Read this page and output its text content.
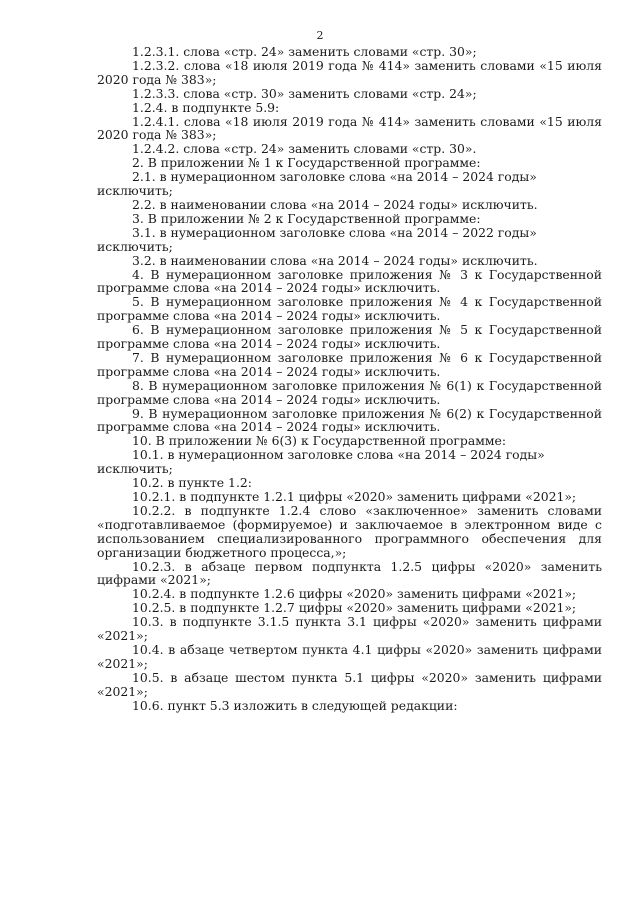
2

1.2.3.1. слова «стр. 24» заменить словами «стр. 30»;

1.2.3.2. слова «18 июля 2019 года № 414» заменить словами «15 июля 2020 года № 383»;

1.2.3.3. слова «стр. 30» заменить словами «стр. 24»;

1.2.4. в подпункте 5.9:

1.2.4.1. слова «18 июля 2019 года № 414» заменить словами «15 июля 2020 года № 383»;

1.2.4.2. слова «стр. 24» заменить словами «стр. 30».

2. В приложении № 1 к Государственной программе:

2.1. в нумерационном заголовке слова «на 2014 – 2024 годы» исключить;

2.2. в наименовании слова «на 2014 – 2024 годы» исключить.

3. В приложении № 2 к Государственной программе:

3.1. в нумерационном заголовке слова «на 2014 – 2022 годы» исключить;

3.2. в наименовании слова «на 2014 – 2024 годы» исключить.

4. В нумерационном заголовке приложения № 3 к Государственной программе слова «на 2014 – 2024 годы» исключить.

5. В нумерационном заголовке приложения № 4 к Государственной программе слова «на 2014 – 2024 годы» исключить.

6. В нумерационном заголовке приложения № 5 к Государственной программе слова «на 2014 – 2024 годы» исключить.

7. В нумерационном заголовке приложения № 6 к Государственной программе слова «на 2014 – 2024 годы» исключить.

8. В нумерационном заголовке приложения № 6(1) к Государственной программе слова «на 2014 – 2024 годы» исключить.

9. В нумерационном заголовке приложения № 6(2) к Государственной программе слова «на 2014 – 2024 годы» исключить.

10. В приложении № 6(3) к Государственной программе:

10.1. в нумерационном заголовке слова «на 2014 – 2024 годы» исключить;

10.2. в пункте 1.2:

10.2.1. в подпункте 1.2.1 цифры «2020» заменить цифрами «2021»;

10.2.2. в подпункте 1.2.4 слово «заключенное» заменить словами «подготавливаемое (формируемое) и заключаемое в электронном виде с использованием специализированного программного обеспечения для организации бюджетного процесса,»;

10.2.3. в абзаце первом подпункта 1.2.5 цифры «2020» заменить цифрами «2021»;

10.2.4. в подпункте 1.2.6 цифры «2020» заменить цифрами «2021»;

10.2.5. в подпункте 1.2.7 цифры «2020» заменить цифрами «2021»;

10.3. в подпункте 3.1.5 пункта 3.1 цифры «2020» заменить цифрами «2021»;

10.4. в абзаце четвертом пункта 4.1 цифры «2020» заменить цифрами «2021»;

10.5. в абзаце шестом пункта 5.1 цифры «2020» заменить цифрами «2021»;

10.6. пункт 5.3 изложить в следующей редакции:
